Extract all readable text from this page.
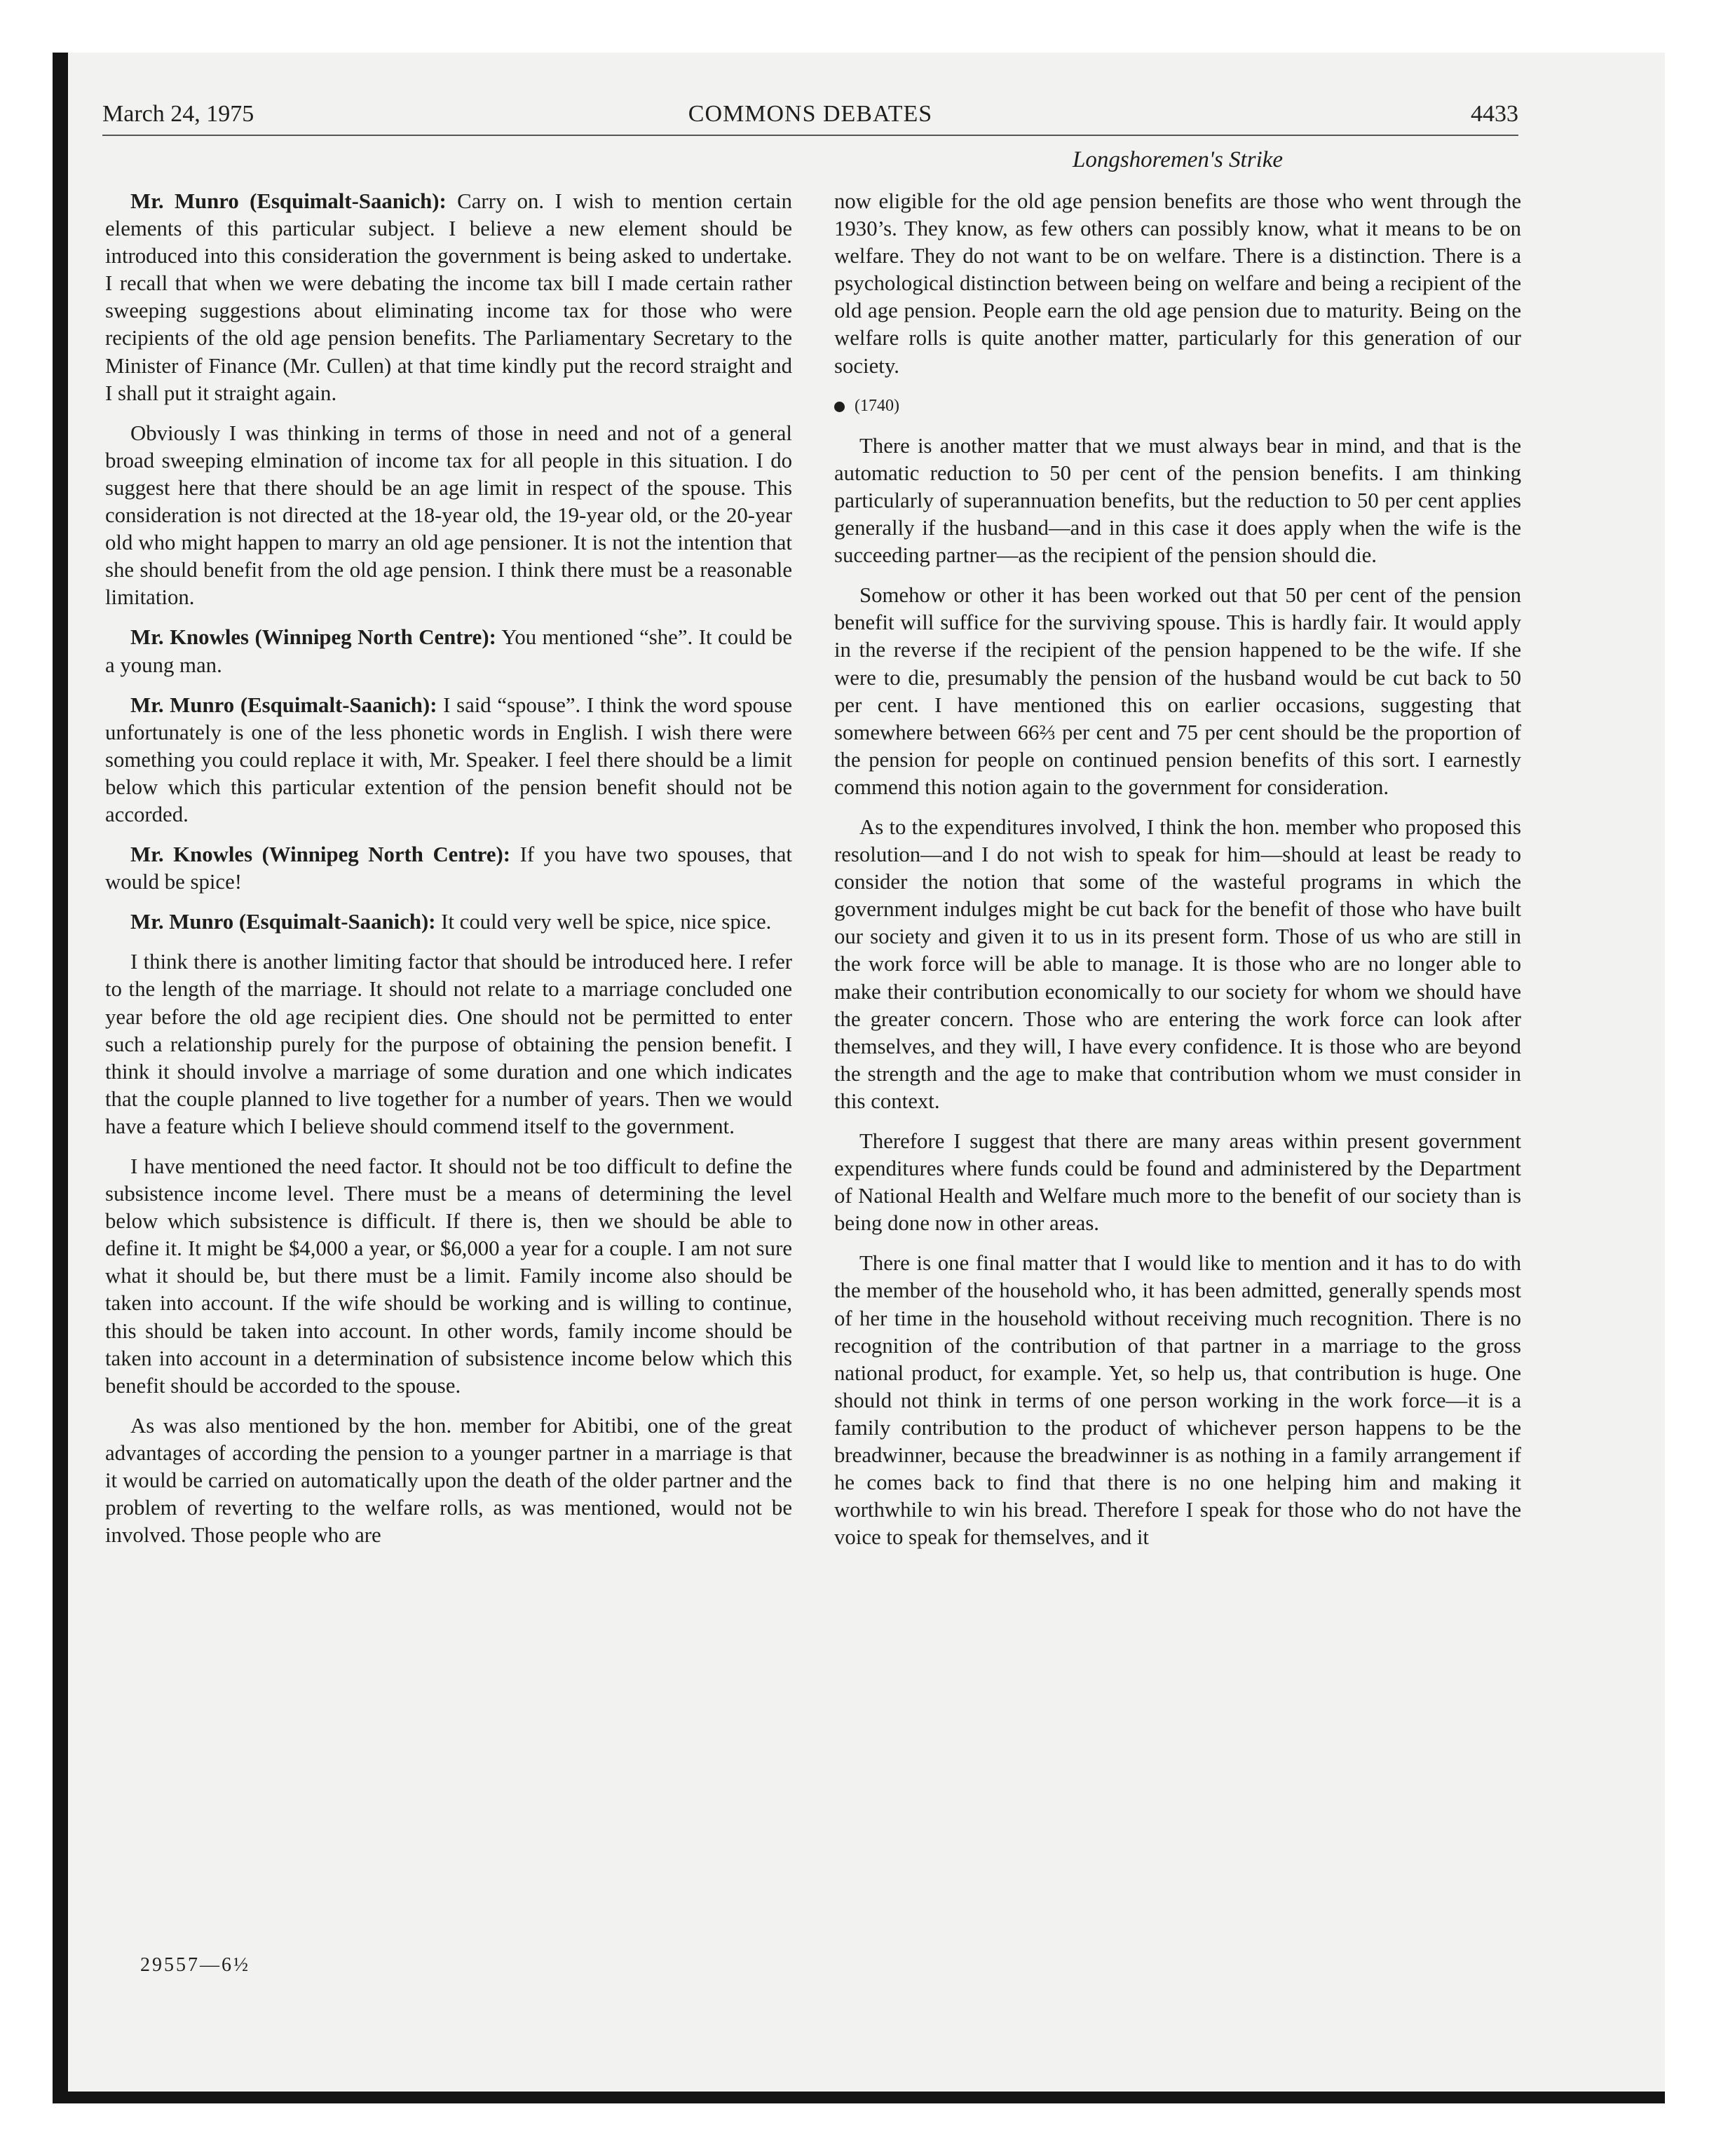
March 24, 1975	COMMONS DEBATES	4433
Longshoremen's Strike

Mr. Munro (Esquimalt-Saanich): Carry on. I wish to mention certain elements of this particular subject. I believe a new element should be introduced into this consideration the government is being asked to undertake. I recall that when we were debating the income tax bill I made certain rather sweeping suggestions about eliminating income tax for those who were recipients of the old age pension benefits. The Parliamentary Secretary to the Minister of Finance (Mr. Cullen) at that time kindly put the record straight and I shall put it straight again.

Obviously I was thinking in terms of those in need and not of a general broad sweeping elmination of income tax for all people in this situation. I do suggest here that there should be an age limit in respect of the spouse. This consideration is not directed at the 18-year old, the 19-year old, or the 20-year old who might happen to marry an old age pensioner. It is not the intention that she should benefit from the old age pension. I think there must be a reasonable limitation.

Mr. Knowles (Winnipeg North Centre): You mentioned “she”. It could be a young man.

Mr. Munro (Esquimalt-Saanich): I said “spouse”. I think the word spouse unfortunately is one of the less phonetic words in English. I wish there were something you could replace it with, Mr. Speaker. I feel there should be a limit below which this particular extention of the pension benefit should not be accorded.

Mr. Knowles (Winnipeg North Centre): If you have two spouses, that would be spice!

Mr. Munro (Esquimalt-Saanich): It could very well be spice, nice spice.

I think there is another limiting factor that should be introduced here. I refer to the length of the marriage. It should not relate to a marriage concluded one year before the old age recipient dies. One should not be permitted to enter such a relationship purely for the purpose of obtaining the pension benefit. I think it should involve a marriage of some duration and one which indicates that the couple planned to live together for a number of years. Then we would have a feature which I believe should commend itself to the government.

I have mentioned the need factor. It should not be too difficult to define the subsistence income level. There must be a means of determining the level below which subsistence is difficult. If there is, then we should be able to define it. It might be $4,000 a year, or $6,000 a year for a couple. I am not sure what it should be, but there must be a limit. Family income also should be taken into account. If the wife should be working and is willing to continue, this should be taken into account. In other words, family income should be taken into account in a determination of subsistence income below which this benefit should be accorded to the spouse.

As was also mentioned by the hon. member for Abitibi, one of the great advantages of according the pension to a younger partner in a marriage is that it would be carried on automatically upon the death of the older partner and the problem of reverting to the welfare rolls, as was mentioned, would not be involved. Those people who are

now eligible for the old age pension benefits are those who went through the 1930’s. They know, as few others can possibly know, what it means to be on welfare. They do not want to be on welfare. There is a distinction. There is a psychological distinction between being on welfare and being a recipient of the old age pension. People earn the old age pension due to maturity. Being on the welfare rolls is quite another matter, particularly for this generation of our society.

(1740)

There is another matter that we must always bear in mind, and that is the automatic reduction to 50 per cent of the pension benefits. I am thinking particularly of superannuation benefits, but the reduction to 50 per cent applies generally if the husband—and in this case it does apply when the wife is the succeeding partner—as the recipient of the pension should die.

Somehow or other it has been worked out that 50 per cent of the pension benefit will suffice for the surviving spouse. This is hardly fair. It would apply in the reverse if the recipient of the pension happened to be the wife. If she were to die, presumably the pension of the husband would be cut back to 50 per cent. I have mentioned this on earlier occasions, suggesting that somewhere between 66⅔ per cent and 75 per cent should be the proportion of the pension for people on continued pension benefits of this sort. I earnestly commend this notion again to the government for consideration.

As to the expenditures involved, I think the hon. member who proposed this resolution—and I do not wish to speak for him—should at least be ready to consider the notion that some of the wasteful programs in which the government indulges might be cut back for the benefit of those who have built our society and given it to us in its present form. Those of us who are still in the work force will be able to manage. It is those who are no longer able to make their contribution economically to our society for whom we should have the greater concern. Those who are entering the work force can look after themselves, and they will, I have every confidence. It is those who are beyond the strength and the age to make that contribution whom we must consider in this context.

Therefore I suggest that there are many areas within present government expenditures where funds could be found and administered by the Department of National Health and Welfare much more to the benefit of our society than is being done now in other areas.

There is one final matter that I would like to mention and it has to do with the member of the household who, it has been admitted, generally spends most of her time in the household without receiving much recognition. There is no recognition of the contribution of that partner in a marriage to the gross national product, for example. Yet, so help us, that contribution is huge. One should not think in terms of one person working in the work force—it is a family contribution to the product of whichever person happens to be the breadwinner, because the breadwinner is as nothing in a family arrangement if he comes back to find that there is no one helping him and making it worthwhile to win his bread. Therefore I speak for those who do not have the voice to speak for themselves, and it

29557—6½
